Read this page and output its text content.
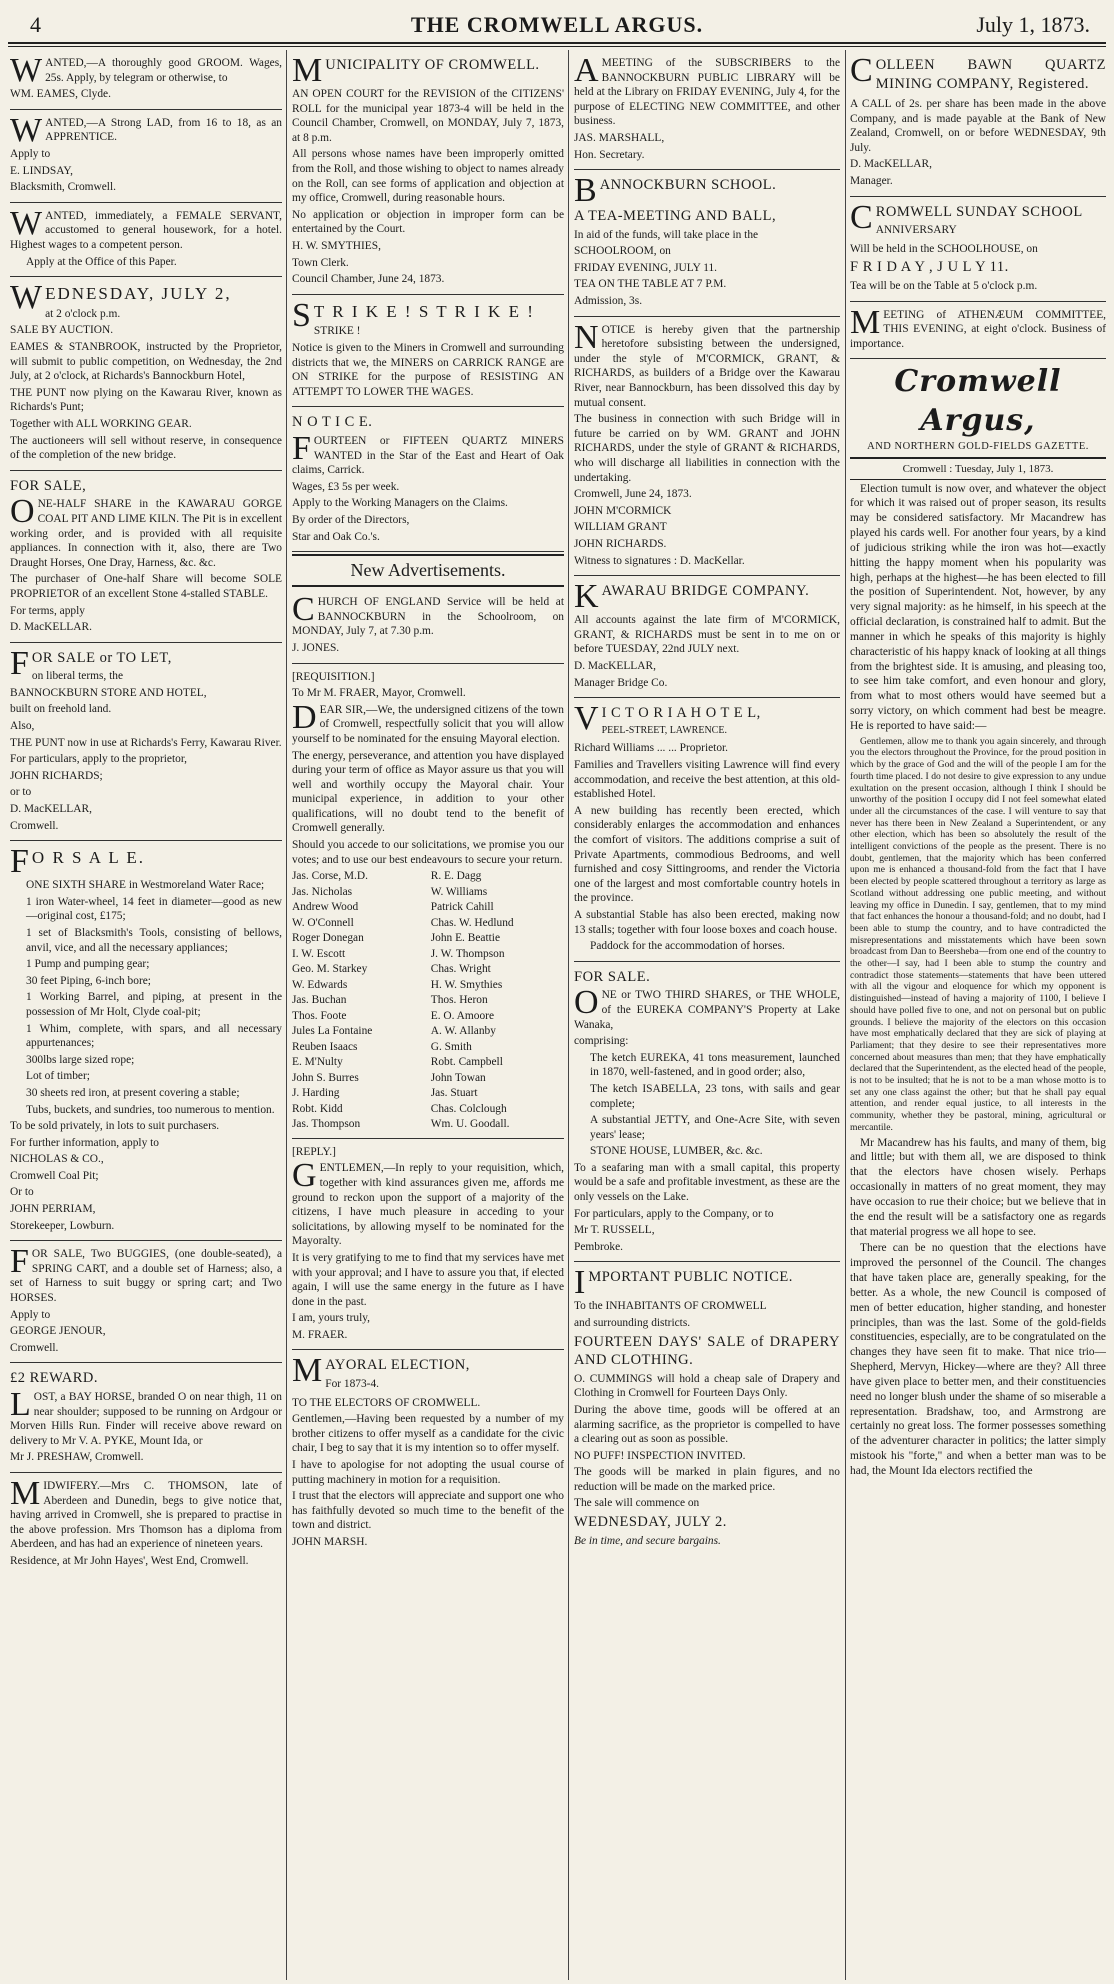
4	THE CROMWELL ARGUS.	July 1, 1873.

WANTED,—A thoroughly good GROOM. Wages, 25s. Apply, by telegram or otherwise, to

WM. EAMES, Clyde.

WANTED,—A Strong LAD, from 16 to 18, as an APPRENTICE.

Apply to

E. LINDSAY,

Blacksmith, Cromwell.

WANTED, immediately, a FEMALE SERVANT, accustomed to general housework, for a hotel. Highest wages to a competent person.

Apply at the Office of this Paper.

WEDNESDAY, JULY 2,

at 2 o'clock p.m.

SALE BY AUCTION.

EAMES & STANBROOK, instructed by the Proprietor, will submit to public competition, on Wednesday, the 2nd July, at 2 o'clock, at Richards's Bannockburn Hotel,

THE PUNT now plying on the Kawarau River, known as Richards's Punt;

Together with ALL WORKING GEAR.

The auctioneers will sell without reserve, in consequence of the completion of the new bridge.

FOR SALE,

ONE-HALF SHARE in the KAWARAU GORGE COAL PIT AND LIME KILN. The Pit is in excellent working order, and is provided with all requisite appliances. In connection with it, also, there are Two Draught Horses, One Dray, Harness, &c. &c.

The purchaser of One-half Share will become SOLE PROPRIETOR of an excellent Stone 4-stalled STABLE.

For terms, apply

D. MacKELLAR.

FOR SALE or TO LET,

on liberal terms, the

BANNOCKBURN STORE AND HOTEL,

built on freehold land.

Also,

THE PUNT now in use at Richards's Ferry, Kawarau River.

For particulars, apply to the proprietor,

JOHN RICHARDS;

or to

D. MacKELLAR,

Cromwell.

F O R S A L E.

ONE SIXTH SHARE in Westmoreland Water Race;

1 iron Water-wheel, 14 feet in diameter—good as new—original cost, £175;

1 set of Blacksmith's Tools, consisting of bellows, anvil, vice, and all the necessary appliances;

1 Pump and pumping gear;

30 feet Piping, 6-inch bore;

1 Working Barrel, and piping, at present in the possession of Mr Holt, Clyde coal-pit;

1 Whim, complete, with spars, and all necessary appurtenances;

300lbs large sized rope;

Lot of timber;

30 sheets red iron, at present covering a stable;

Tubs, buckets, and sundries, too numerous to mention.

To be sold privately, in lots to suit purchasers.

For further information, apply to

NICHOLAS & CO.,

Cromwell Coal Pit;

Or to

JOHN PERRIAM,

Storekeeper, Lowburn.

FOR SALE, Two BUGGIES, (one double-seated), a SPRING CART, and a double set of Harness; also, a set of Harness to suit buggy or spring cart; and Two HORSES.

Apply to

GEORGE JENOUR,

Cromwell.

£2 REWARD.

LOST, a BAY HORSE, branded O on near thigh, 11 on near shoulder; supposed to be running on Ardgour or Morven Hills Run. Finder will receive above reward on delivery to Mr V. A. PYKE, Mount Ida, or

Mr J. PRESHAW, Cromwell.

MIDWIFERY.—Mrs C. THOMSON, late of Aberdeen and Dunedin, begs to give notice that, having arrived in Cromwell, she is prepared to practise in the above profession. Mrs Thomson has a diploma from Aberdeen, and has had an experience of nineteen years.

Residence, at Mr John Hayes', West End, Cromwell.

MUNICIPALITY OF CROMWELL.

AN OPEN COURT for the REVISION of the CITIZENS' ROLL for the municipal year 1873-4 will be held in the Council Chamber, Cromwell, on MONDAY, July 7, 1873, at 8 p.m.

All persons whose names have been improperly omitted from the Roll, and those wishing to object to names already on the Roll, can see forms of application and objection at my office, Cromwell, during reasonable hours.

No application or objection in improper form can be entertained by the Court.

H. W. SMYTHIES,

Town Clerk.

Council Chamber, June 24, 1873.

S T R I K E ! S T R I K E !

STRIKE !

Notice is given to the Miners in Cromwell and surrounding districts that we, the MINERS on CARRICK RANGE are ON STRIKE for the purpose of RESISTING AN ATTEMPT TO LOWER THE WAGES.

N O T I C E.

FOURTEEN or FIFTEEN QUARTZ MINERS WANTED in the Star of the East and Heart of Oak claims, Carrick.

Wages, £3 5s per week.

Apply to the Working Managers on the Claims.

By order of the Directors,

Star and Oak Co.'s.

New Advertisements.

CHURCH OF ENGLAND Service will be held at BANNOCKBURN in the Schoolroom, on MONDAY, July 7, at 7.30 p.m.

J. JONES.

[REQUISITION.]

To Mr M. FRAER, Mayor, Cromwell.

DEAR SIR,—We, the undersigned citizens of the town of Cromwell, respectfully solicit that you will allow yourself to be nominated for the ensuing Mayoral election.

The energy, perseverance, and attention you have displayed during your term of office as Mayor assure us that you will well and worthily occupy the Mayoral chair. Your municipal experience, in addition to your other qualifications, will no doubt tend to the benefit of Cromwell generally.

Should you accede to our solicitations, we promise you our votes; and to use our best endeavours to secure your return.

Jas. Corse, M.D.
Jas. Nicholas
Andrew Wood
W. O'Connell
Roger Donegan
I. W. Escott
Geo. M. Starkey
W. Edwards
Jas. Buchan
Thos. Foote
Jules La Fontaine
Reuben Isaacs
E. M'Nulty
John S. Burres
J. Harding
Robt. Kidd
Jas. Thompson
R. E. Dagg
W. Williams
Patrick Cahill
Chas. W. Hedlund
John E. Beattie
J. W. Thompson
Chas. Wright
H. W. Smythies
Thos. Heron
E. O. Amoore
A. W. Allanby
G. Smith
Robt. Campbell
John Towan
Jas. Stuart
Chas. Colclough
Wm. U. Goodall.

[REPLY.]

GENTLEMEN,—In reply to your requisition, which, together with kind assurances given me, affords me ground to reckon upon the support of a majority of the citizens, I have much pleasure in acceding to your solicitations, by allowing myself to be nominated for the Mayoralty.

It is very gratifying to me to find that my services have met with your approval; and I have to assure you that, if elected again, I will use the same energy in the future as I have done in the past.

I am, yours truly,

M. FRAER.

MAYORAL ELECTION,

For 1873-4.

TO THE ELECTORS OF CROMWELL.

Gentlemen,—Having been requested by a number of my brother citizens to offer myself as a candidate for the civic chair, I beg to say that it is my intention so to offer myself.

I have to apologise for not adopting the usual course of putting machinery in motion for a requisition.

I trust that the electors will appreciate and support one who has faithfully devoted so much time to the benefit of the town and district.

JOHN MARSH.

AMEETING of the SUBSCRIBERS to the BANNOCKBURN PUBLIC LIBRARY will be held at the Library on FRIDAY EVENING, July 4, for the purpose of ELECTING NEW COMMITTEE, and other business.

JAS. MARSHALL,

Hon. Secretary.

BANNOCKBURN SCHOOL.

A TEA-MEETING AND BALL,

In aid of the funds, will take place in the

SCHOOLROOM, on

FRIDAY EVENING, JULY 11.

TEA ON THE TABLE AT 7 P.M.

Admission, 3s.

NOTICE is hereby given that the partnership heretofore subsisting between the undersigned, under the style of M'CORMICK, GRANT, & RICHARDS, as builders of a Bridge over the Kawarau River, near Bannockburn, has been dissolved this day by mutual consent.

The business in connection with such Bridge will in future be carried on by WM. GRANT and JOHN RICHARDS, under the style of GRANT & RICHARDS, who will discharge all liabilities in connection with the undertaking.

Cromwell, June 24, 1873.

JOHN M'CORMICK

WILLIAM GRANT

JOHN RICHARDS.

Witness to signatures : D. MacKellar.

KAWARAU BRIDGE COMPANY.

All accounts against the late firm of M'CORMICK, GRANT, & RICHARDS must be sent in to me on or before TUESDAY, 22nd JULY next.

D. MacKELLAR,

Manager Bridge Co.

V I C T O R I A H O T E L,

PEEL-STREET, LAWRENCE.

Richard Williams ... ... Proprietor.

Families and Travellers visiting Lawrence will find every accommodation, and receive the best attention, at this old-established Hotel.

A new building has recently been erected, which considerably enlarges the accommodation and enhances the comfort of visitors. The additions comprise a suit of Private Apartments, commodious Bedrooms, and well furnished and cosy Sittingrooms, and render the Victoria one of the largest and most comfortable country hotels in the province.

A substantial Stable has also been erected, making now 13 stalls; together with four loose boxes and coach house.

Paddock for the accommodation of horses.

FOR SALE.

ONE or TWO THIRD SHARES, or THE WHOLE, of the EUREKA COMPANY'S Property at Lake Wanaka,

comprising:

The ketch EUREKA, 41 tons measurement, launched in 1870, well-fastened, and in good order; also,

The ketch ISABELLA, 23 tons, with sails and gear complete;

A substantial JETTY, and One-Acre Site, with seven years' lease;

STONE HOUSE, LUMBER, &c. &c.

To a seafaring man with a small capital, this property would be a safe and profitable investment, as these are the only vessels on the Lake.

For particulars, apply to the Company, or to

Mr T. RUSSELL,

Pembroke.

IMPORTANT PUBLIC NOTICE.

To the INHABITANTS OF CROMWELL

and surrounding districts.

FOURTEEN DAYS' SALE of DRAPERY AND CLOTHING.

O. CUMMINGS will hold a cheap sale of Drapery and Clothing in Cromwell for Fourteen Days Only.

During the above time, goods will be offered at an alarming sacrifice, as the proprietor is compelled to have a clearing out as soon as possible.

NO PUFF! INSPECTION INVITED.

The goods will be marked in plain figures, and no reduction will be made on the marked price.

The sale will commence on

WEDNESDAY, JULY 2.

Be in time, and secure bargains.

COLLEEN BAWN QUARTZ MINING COMPANY, Registered.

A CALL of 2s. per share has been made in the above Company, and is made payable at the Bank of New Zealand, Cromwell, on or before WEDNESDAY, 9th July.

D. MacKELLAR,

Manager.

CROMWELL SUNDAY SCHOOL

ANNIVERSARY

Will be held in the SCHOOLHOUSE, on

F R I D A Y , J U L Y 11.

Tea will be on the Table at 5 o'clock p.m.

MEETING of ATHENÆUM COMMITTEE, THIS EVENING, at eight o'clock. Business of importance.

Cromwell Argus,
AND NORTHERN GOLD-FIELDS GAZETTE.
Cromwell : Tuesday, July 1, 1873.

Election tumult is now over, and whatever the object for which it was raised out of proper season, its results may be considered satisfactory. Mr Macandrew has played his cards well. For another four years, by a kind of judicious striking while the iron was hot—exactly hitting the happy moment when his popularity was high, perhaps at the highest—he has been elected to fill the position of Superintendent. Not, however, by any very signal majority: as he himself, in his speech at the official declaration, is constrained half to admit. But the manner in which he speaks of this majority is highly characteristic of his happy knack of looking at all things from the brightest side. It is amusing, and pleasing too, to see him take comfort, and even honour and glory, from what to most others would have seemed but a sorry victory, on which comment had best be meagre. He is reported to have said:—

Gentlemen, allow me to thank you again sincerely, and through you the electors throughout the Province, for the proud position in which by the grace of God and the will of the people I am for the fourth time placed. I do not desire to give expression to any undue exultation on the present occasion, although I think I should be unworthy of the position I occupy did I not feel somewhat elated under all the circumstances of the case. I will venture to say that never has there been in New Zealand a Superintendent, or any other election, which has been so absolutely the result of the intelligent convictions of the people as the present. There is no doubt, gentlemen, that the majority which has been conferred upon me is enhanced a thousand-fold from the fact that I have been elected by people scattered throughout a territory as large as Scotland without addressing one public meeting, and without leaving my office in Dunedin. I say, gentlemen, that to my mind that fact enhances the honour a thousand-fold; and no doubt, had I been able to stump the country, and to have contradicted the misrepresentations and misstatements which have been sown broadcast from Dan to Beersheba—from one end of the country to the other—I say, had I been able to stump the country and contradict those statements—statements that have been uttered with all the vigour and eloquence for which my opponent is distinguished—instead of having a majority of 1100, I believe I should have polled five to one, and not on personal but on public grounds. I believe the majority of the electors on this occasion have most emphatically declared that they are sick of playing at Parliament; that they desire to see their representatives more concerned about measures than men; that they have emphatically declared that the Superintendent, as the elected head of the people, is not to be insulted; that he is not to be a man whose motto is to set any one class against the other; but that he shall pay equal attention, and render equal justice, to all interests in the community, whether they be pastoral, mining, agricultural or mercantile.

Mr Macandrew has his faults, and many of them, big and little; but with them all, we are disposed to think that the electors have chosen wisely. Perhaps occasionally in matters of no great moment, they may have occasion to rue their choice; but we believe that in the end the result will be a satisfactory one as regards that material progress we all hope to see.

There can be no question that the elections have improved the personnel of the Council. The changes that have taken place are, generally speaking, for the better. As a whole, the new Council is composed of men of better education, higher standing, and honester principles, than was the last. Some of the gold-fields constituencies, especially, are to be congratulated on the changes they have seen fit to make. That nice trio—Shepherd, Mervyn, Hickey—where are they? All three have given place to better men, and their constituencies need no longer blush under the shame of so miserable a representation. Bradshaw, too, and Armstrong are certainly no great loss. The former possesses something of the adventurer character in politics; the latter simply mistook his "forte," and when a better man was to be had, the Mount Ida electors rectified the
